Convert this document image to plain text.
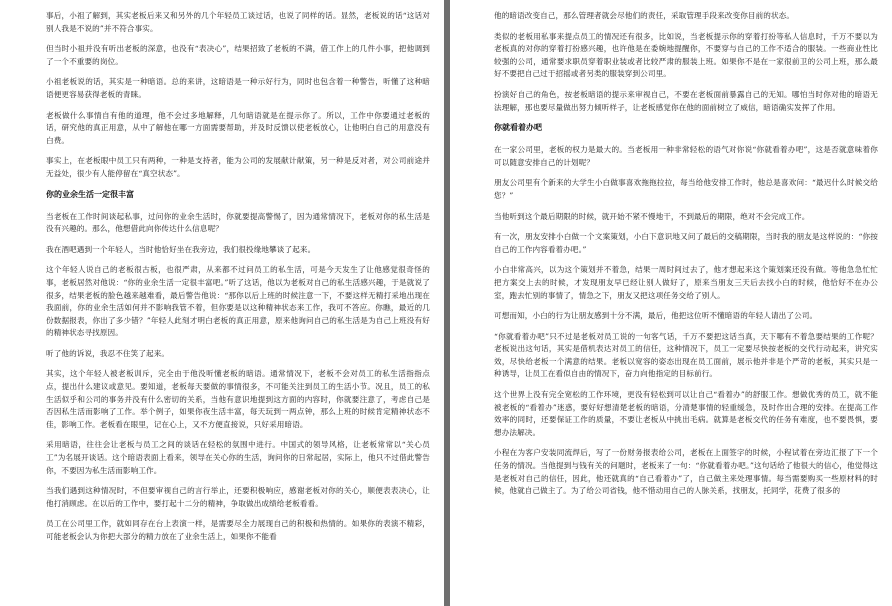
事后，小祖了解到，其实老板后来又和另外的几个年轻员工谈过话，也说了同样的话。显然，老板说的话“这话对别人我是不说的”并不符合事实。

但当时小祖并没有听出老板的深意，也没有“表决心”，结果招致了老板的不满，借工作上的几件小事，把他调到了一个不重要的岗位。

小祖老板说的话，其实是一种暗语。总的来讲，这暗语是一种示好行为，同时也包含着一种警告，听懂了这种暗语便更容易获得老板的青睐。

老板做什么事情自有他的道理，他不会过多地解释，几句暗语就是在提示你了。所以，工作中你要通过老板的话，研究他的真正用意，从中了解他在哪一方面需要帮助，并及时反馈以使老板放心，让他明白自己的用意没有白费。

事实上，在老板眼中员工只有两种，一种是支持者，能为公司的发展献计献策，另一种是反对者，对公司前途并无益处，很少有人能停留在“真空状态”。

你的业余生活一定很丰富

当老板在工作时间谈起私事，过问你的业余生活时，你就要提高警惕了，因为通常情况下，老板对你的私生活是没有兴趣的。那么，他想借此向你传达什么信息呢？

我在酒吧遇到一个年轻人，当时他恰好坐在我旁边，我们很投缘地攀谈了起来。

这个年轻人说自己的老板很古板，也很严肃，从来都不过问员工的私生活，可是今天发生了让他感觉很奇怪的事，老板居然对他说：“你的业余生活一定很丰富吧。”听了这话，他以为老板对自己的私生活感兴趣，于是就说了很多，结果老板的脸色越来越难看，最后警告他说：“那你以后上班的时候注意一下，不要这样无精打采地出现在我面前，你的业余生活如何并不影响我管不着，但你要是以这种精神状态来工作，我可不答应。你瞧，最近的几份数据报表，你出了多少错？”年轻人此刻才明白老板的真正用意，原来他询问自己的私生活是为自己上班没有好的精神状态寻找原因。

听了他的诉说，我忍不住笑了起来。

其实，这个年轻人被老板训斥，完全由于他没听懂老板的暗语。通常情况下，老板不会对员工的私生活指指点点，提出什么建议或意见。要知道，老板每天要做的事情很多，不可能关注到员工的生活小节。况且，员工的私生活似乎和公司的事务并没有什么密切的关系，当他有意识地提到这方面的内容时，你就要注意了，考虑自己是否因私生活而影响了工作。举个例子，如果你夜生活丰富，每天玩到一两点钟，那么上班的时候肯定精神状态不佳，影响工作。老板看在眼里，记在心上，又不方便直接说，只好采用暗语。

采用暗语，往往会让老板与员工之间的谈话在轻松的氛围中进行。中国式的领导风格，让老板常常以“关心员工”为名展开谈话。这个暗语表面上看来，领导在关心你的生活，询问你的日常起居，实际上，他只不过借此警告你，不要因为私生活而影响工作。

当我们遇到这种情况时，不但要审视自己的言行举止，还要积极响应，感谢老板对你的关心，顺便表表决心，让他打消顾虑。在以后的工作中，要打起十二分的精神，争取做出成绩给老板看看。

员工在公司里工作，就如同存在台上表演一样，是需要尽全力展现自己的积极和热情的。如果你的表演不精彩，可能老板会认为你把大部分的精力放在了业余生活上，如果你不能看

他的暗语改变自己，那么管理者就会尽他们的责任，采取管理手段来改变你目前的状态。

类似的老板用私事来提点员工的情况还有很多，比如说，当老板提示你的穿着打扮等私人信息时，千万不要以为老板真的对你的穿着打扮感兴趣，也许他是在委婉地提醒你，不要穿与自己的工作不适合的服装。一些商业性比较强的公司，通常要求职员穿着职业装或者比较严肃的服装上班。如果你不是在一家很前卫的公司上班，那么最好不要把自己过于招摇或者另类的服装穿到公司里。

扮演好自己的角色，按老板暗语的提示来审视自己，不要在老板面前暴露自己的无知。哪怕当时你对他的暗语无法理解，那也要尽量做出努力倾听样子，让老板感觉你在他的面前树立了威信，暗语确实发挥了作用。

你就看着办吧

在一家公司里，老板的权力是最大的。当老板用一种非常轻松的语气对你说“你就看着办吧”，这是否就意味着你可以随意安排自己的计划呢？

朋友公司里有个新来的大学生小白做事喜欢拖拖拉拉，每当给他安排工作时，他总是喜欢问：“最迟什么时候交给您？”

当他听到这个最后期限的时候，就开始不紧不慢地干，不到最后的期限，绝对不会完成工作。

有一次，朋友安排小白做一个文案策划，小白下意识地又问了最后的交稿期限，当时我的朋友是这样说的：“你按自己的工作内容看着办吧。”

小白非常高兴，以为这个策划并不着急，结果一周时间过去了，他才想起来这个策划案还没有做。等他急急忙忙把方案交上去的时候，才发现朋友早已经让别人做好了，原来当朋友三天后去找小白的时候，他恰好不在办公室，跑去忙别的事情了，情急之下，朋友又把这项任务交给了别人。

可想而知，小白的行为让朋友感到十分不满，最后，他把这位听不懂暗语的年轻人请出了公司。

“你就看着办吧”只不过是老板对员工说的一句客气话，千万不要把这话当真，天下哪有不着急要结果的工作呢？老板说出这句话，其实是借机表达对员工的信任，这种情况下，员工一定要尽快按老板的交代行动起来，讲究实效，尽快给老板一个满意的结果。老板以宽容的姿态出现在员工面前，展示他并非是个严苛的老板，其实只是一种诱导，让员工在看似自由的情况下，奋力向他指定的目标前行。

这个世界上没有完全宽松的工作环境，更没有轻松到可以让自己“看着办”的舒服工作。想做优秀的员工，就不能被老板的“看着办”迷惑，要好好想清楚老板的暗语，分清楚事情的轻重缓急，及时作出合理的安排。在提高工作效率的同时，还要保证工作的质量，不要让老板从中挑出毛病。就算是老板交代的任务有难度，也不要畏惧，要想办法解决。

小程在为客户安装同流焊后，写了一份财务报表给公司，老板在上面签字的时候，小程试着在旁边汇报了下一个任务的情况。当他提到与钱有关的问题时，老板来了一句：“你就看着办吧。”这句话给了他很大的信心，他觉得这是老板对自己的信任，因此，他还就真的“自己看着办”了，自己做主来处理事情。每当需要购买一些原材料的时候，他就自己做主了。为了给公司省钱，他不惜动用自己的人脉关系，找朋友，托同学，花费了很多的
